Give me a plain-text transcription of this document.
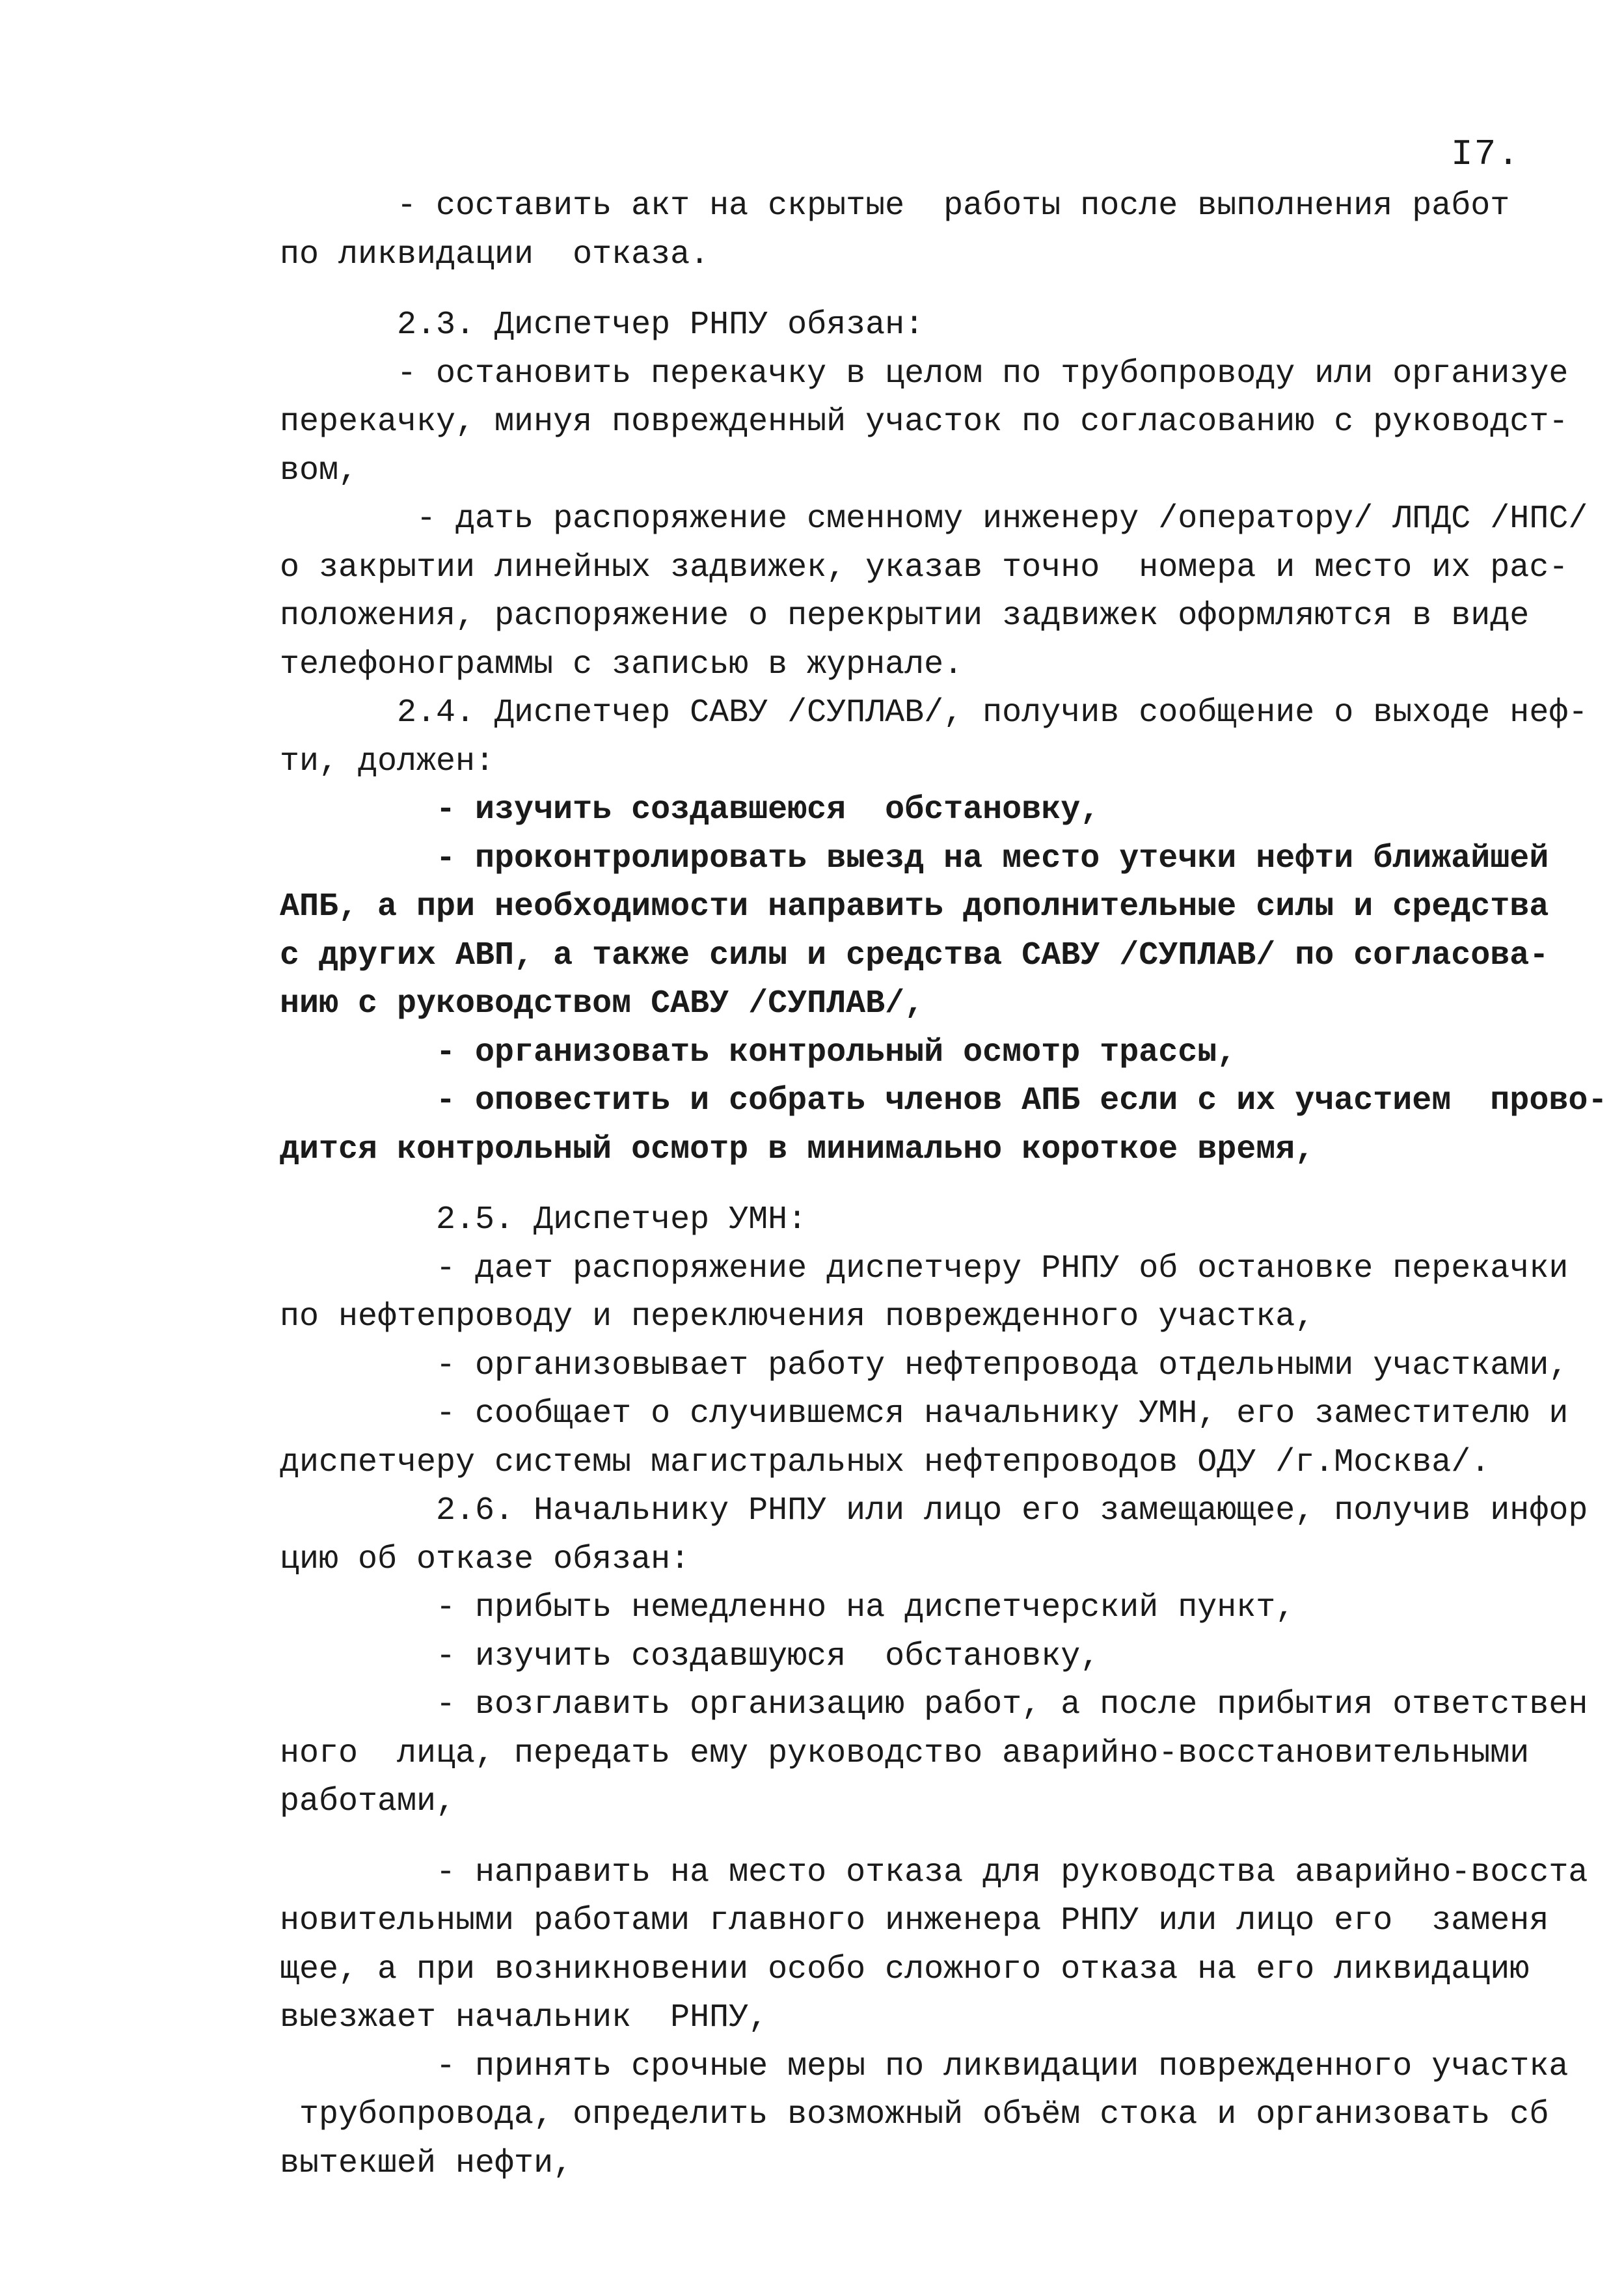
I7.
- составить акт на скрытые  работы после выполнения работ
по ликвидации  отказа.
2.3. Диспетчер РНПУ обязан:
- остановить перекачку в целом по трубопроводу или организуе
перекачку, минуя поврежденный участок по согласованию с руководст-
вом,
- дать распоряжение сменному инженеру /оператору/ ЛПДС /НПС/
о закрытии линейных задвижек, указав точно  номера и место их рас-
положения, распоряжение о перекрытии задвижек оформляются в виде
телефонограммы с записью в журнале.
2.4. Диспетчер САВУ /СУПЛАВ/, получив сообщение о выходе неф-
ти, должен:
- изучить создавшеюся  обстановку,
- проконтролировать выезд на место утечки нефти ближайшей
АПБ, а при необходимости направить дополнительные силы и средства
с других АВП, а также силы и средства САВУ /СУПЛАВ/ по согласова-
нию с руководством САВУ /СУПЛАВ/,
- организовать контрольный осмотр трассы,
- оповестить и собрать членов АПБ если с их участием  прово-
дится контрольный осмотр в минимально короткое время,
2.5. Диспетчер УМН:
- дает распоряжение диспетчеру РНПУ об остановке перекачки
по нефтепроводу и переключения поврежденного участка,
- организовывает работу нефтепровода отдельными участками,
- сообщает о случившемся начальнику УМН, его заместителю и
диспетчеру системы магистральных нефтепроводов ОДУ /г.Москва/.
2.6. Начальнику РНПУ или лицо его замещающее, получив инфор
цию об отказе обязан:
- прибыть немедленно на диспетчерский пункт,
- изучить создавшуюся  обстановку,
- возглавить организацию работ, а после прибытия ответствен
ного  лица, передать ему руководство аварийно-восстановительными
работами,
- направить на место отказа для руководства аварийно-восста
новительными работами главного инженера РНПУ или лицо его  заменя
щее, а при возникновении особо сложного отказа на его ликвидацию
выезжает начальник  РНПУ,
- принять срочные меры по ликвидации поврежденного участка
трубопровода, определить возможный объём стока и организовать сб
вытекшей нефти,
